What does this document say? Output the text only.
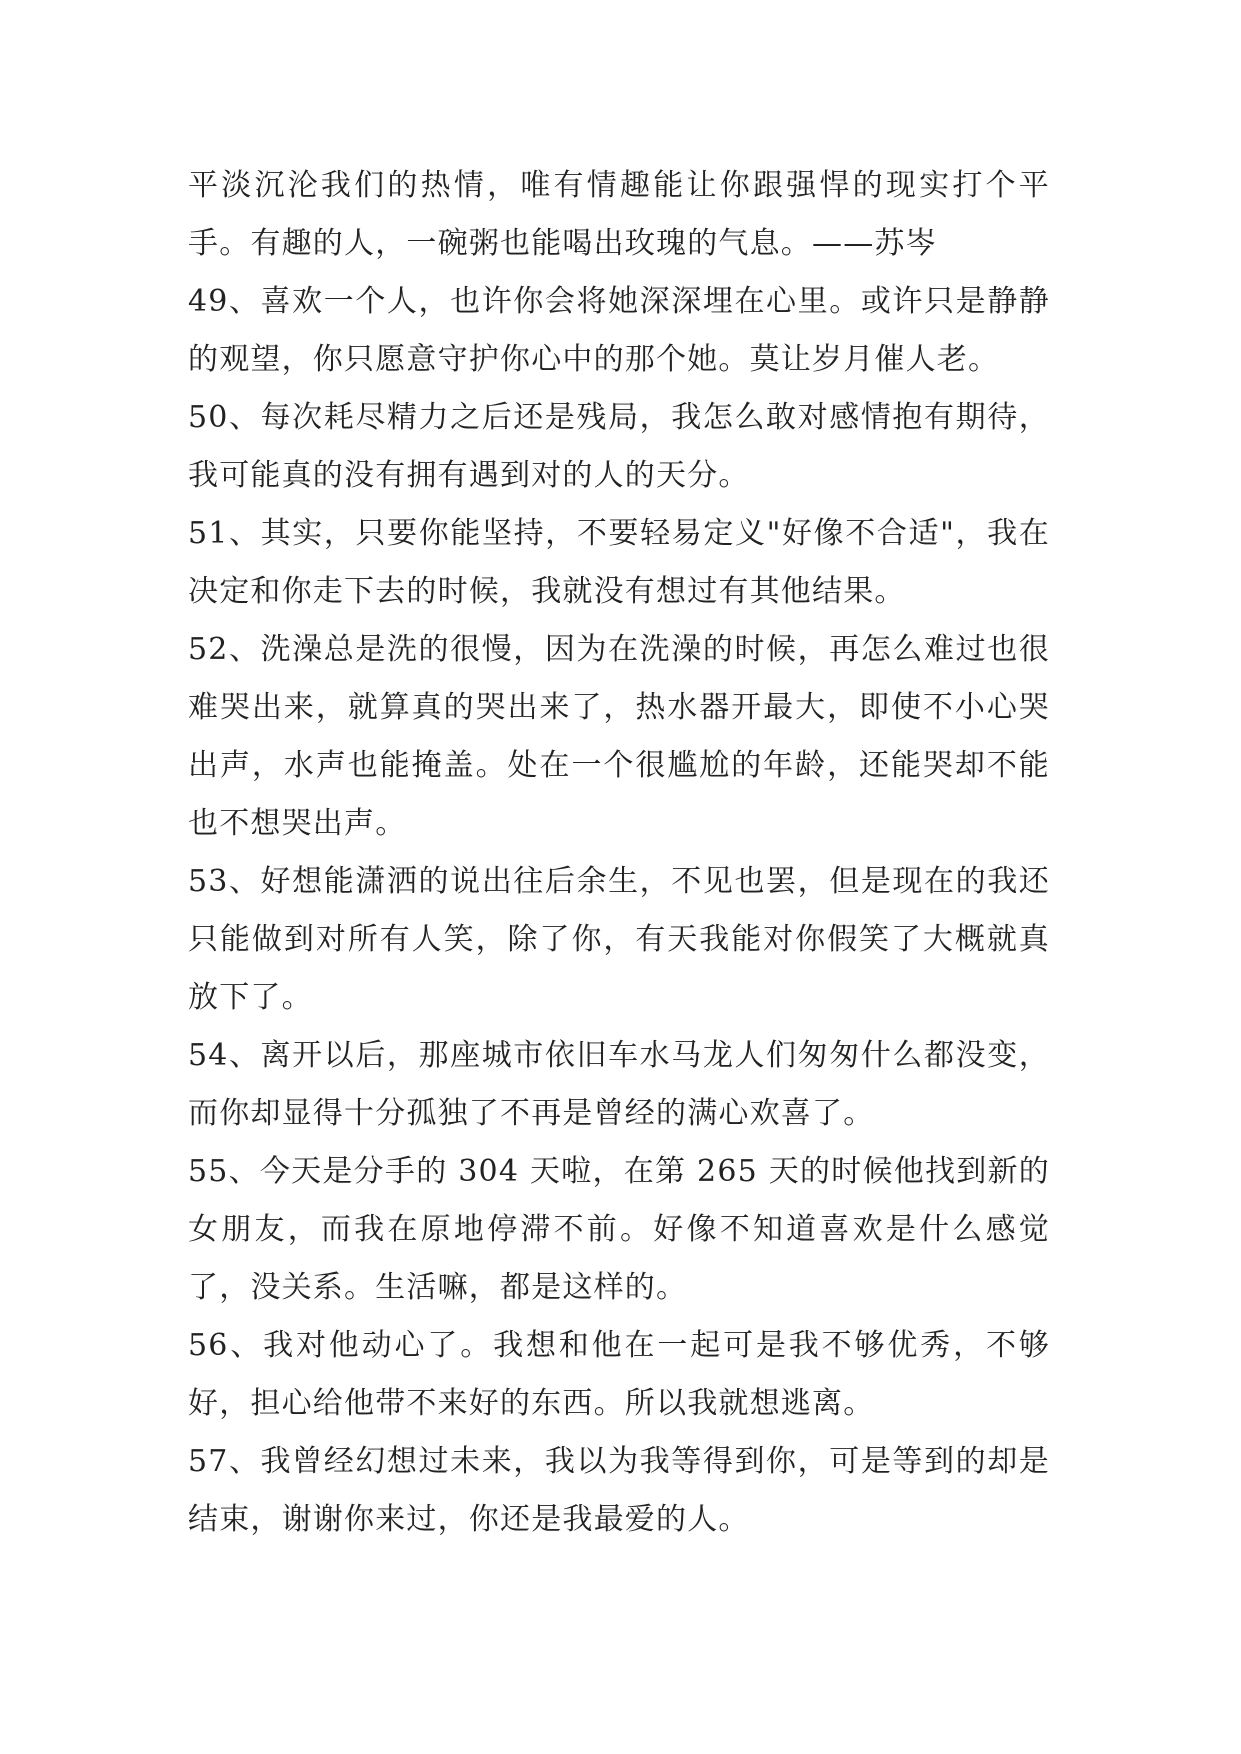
平淡沉沦我们的热情，唯有情趣能让你跟强悍的现实打个平手。有趣的人，一碗粥也能喝出玫瑰的气息。——苏岑

49、喜欢一个人，也许你会将她深深埋在心里。或许只是静静的观望，你只愿意守护你心中的那个她。莫让岁月催人老。

50、每次耗尽精力之后还是残局，我怎么敢对感情抱有期待，我可能真的没有拥有遇到对的人的天分。

51、其实，只要你能坚持，不要轻易定义"好像不合适"，我在决定和你走下去的时候，我就没有想过有其他结果。

52、洗澡总是洗的很慢，因为在洗澡的时候，再怎么难过也很难哭出来，就算真的哭出来了，热水器开最大，即使不小心哭出声，水声也能掩盖。处在一个很尴尬的年龄，还能哭却不能也不想哭出声。

53、好想能潇洒的说出往后余生，不见也罢，但是现在的我还只能做到对所有人笑，除了你，有天我能对你假笑了大概就真放下了。

54、离开以后，那座城市依旧车水马龙人们匆匆什么都没变，而你却显得十分孤独了不再是曾经的满心欢喜了。

55、今天是分手的 304 天啦，在第 265 天的时候他找到新的女朋友，而我在原地停滞不前。好像不知道喜欢是什么感觉了，没关系。生活嘛，都是这样的。

56、我对他动心了。我想和他在一起可是我不够优秀，不够好，担心给他带不来好的东西。所以我就想逃离。

57、我曾经幻想过未来，我以为我等得到你，可是等到的却是结束，谢谢你来过，你还是我最爱的人。
